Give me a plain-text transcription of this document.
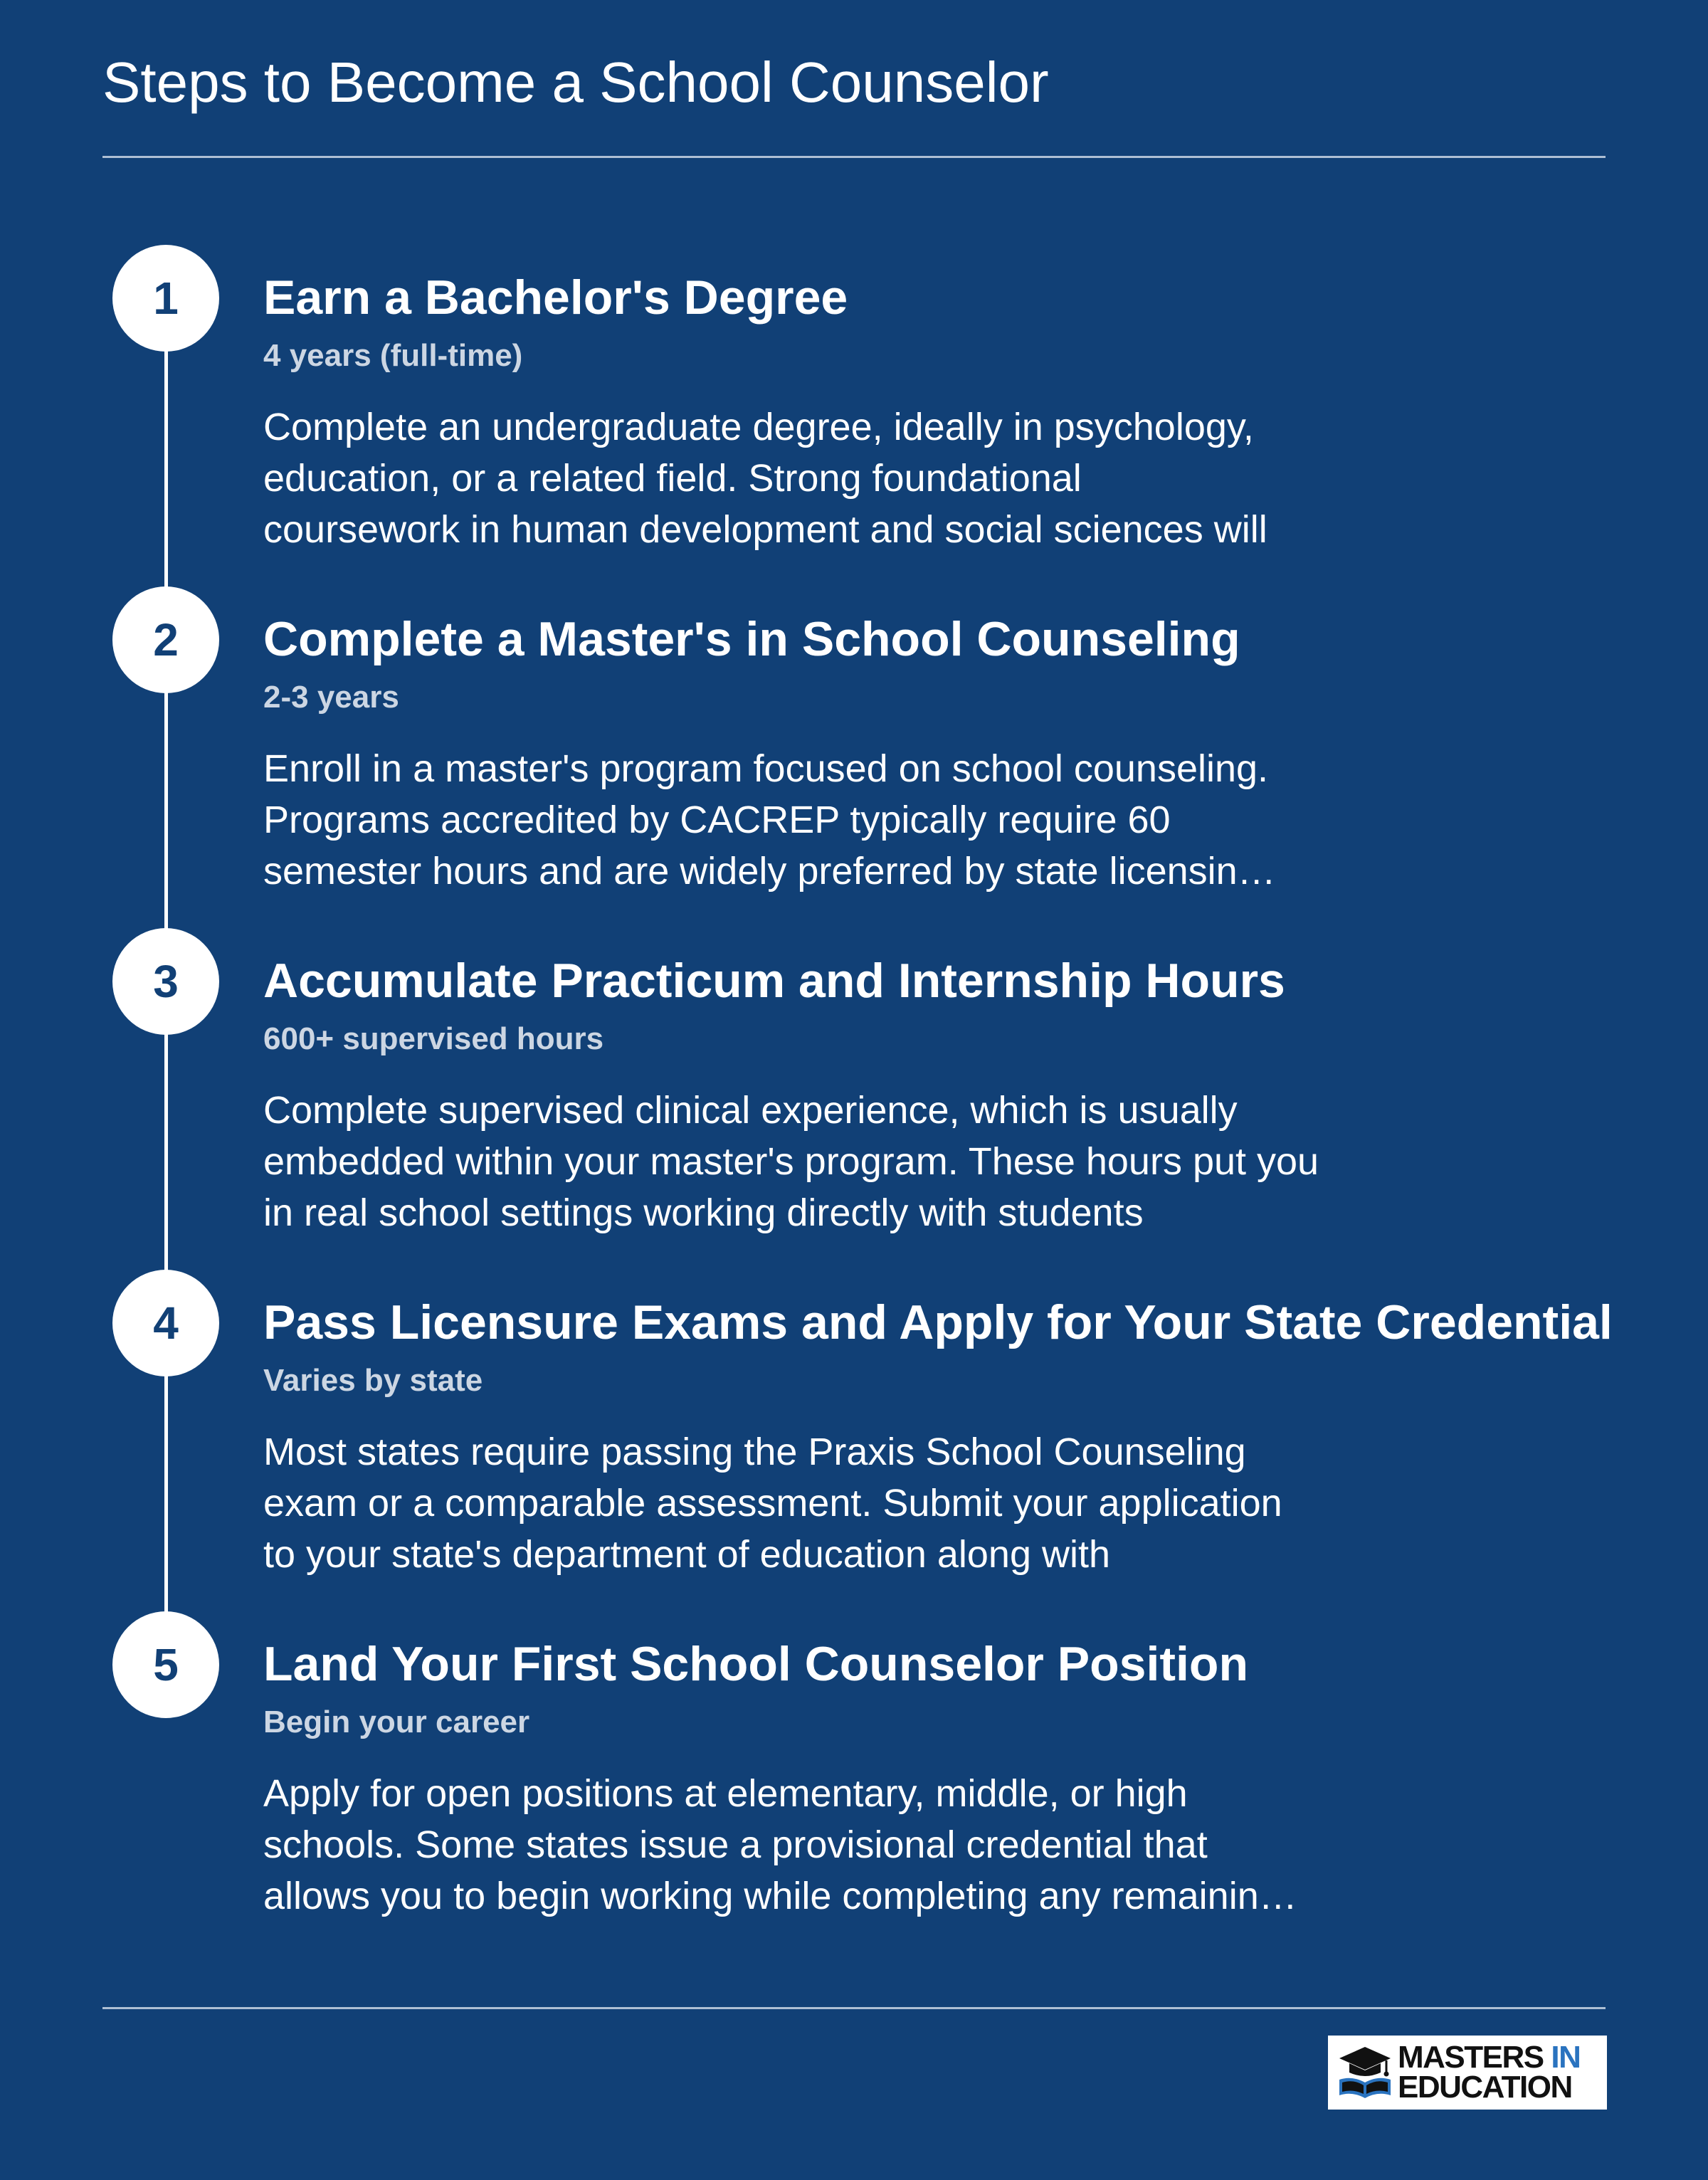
Steps to Become a School Counselor
1	Earn a Bachelor's Degree
4 years (full-time)
Complete an undergraduate degree, ideally in psychology,
education, or a related field. Strong foundational
coursework in human development and social sciences will
2	Complete a Master's in School Counseling
2-3 years
Enroll in a master's program focused on school counseling.
Programs accredited by CACREP typically require 60
semester hours and are widely preferred by state licensin…
3	Accumulate Practicum and Internship Hours
600+ supervised hours
Complete supervised clinical experience, which is usually
embedded within your master's program. These hours put you
in real school settings working directly with students
4	Pass Licensure Exams and Apply for Your State Credential
Varies by state
Most states require passing the Praxis School Counseling
exam or a comparable assessment. Submit your application
to your state's department of education along with
5	Land Your First School Counselor Position
Begin your career
Apply for open positions at elementary, middle, or high
schools. Some states issue a provisional credential that
allows you to begin working while completing any remainin…
MASTERS IN
EDUCATION
